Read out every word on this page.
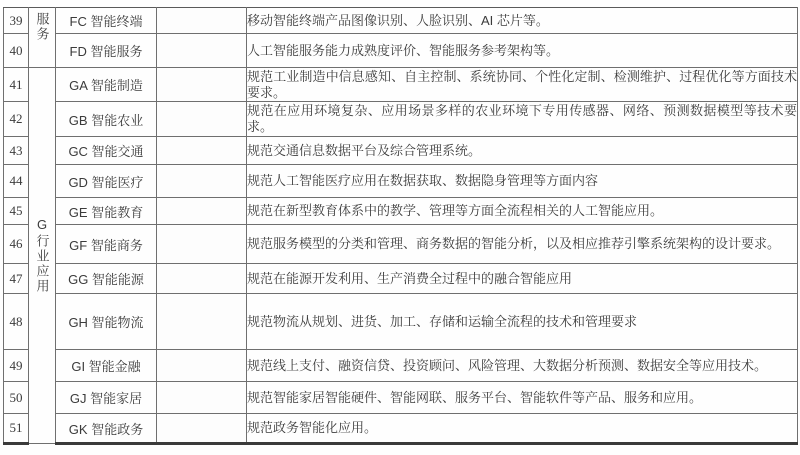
39	服务	FC 智能终端		移动智能终端产品图像识别、人脸识别、AI 芯片等。
40		FD 智能服务		人工智能服务能力成熟度评价、智能服务参考架构等。
41	G行业应用	GA 智能制造		规范工业制造中信息感知、自主控制、系统协同、个性化定制、检测维护、过程优化等方面技术要求。
42		GB 智能农业		规范在应用环境复杂、应用场景多样的农业环境下专用传感器、网络、预测数据模型等技术要求。
43		GC 智能交通		规范交通信息数据平台及综合管理系统。
44		GD 智能医疗		规范人工智能医疗应用在数据获取、数据隐身管理等方面内容
45		GE 智能教育		规范在新型教育体系中的教学、管理等方面全流程相关的人工智能应用。
46		GF 智能商务		规范服务模型的分类和管理、商务数据的智能分析，以及相应推荐引擎系统架构的设计要求。
47		GG 智能能源		规范在能源开发利用、生产消费全过程中的融合智能应用
48		GH 智能物流		规范物流从规划、进货、加工、存储和运输全流程的技术和管理要求
49		GI 智能金融		规范线上支付、融资信贷、投资顾问、风险管理、大数据分析预测、数据安全等应用技术。
50		GJ 智能家居		规范智能家居智能硬件、智能网联、服务平台、智能软件等产品、服务和应用。
51		GK 智能政务		规范政务智能化应用。
